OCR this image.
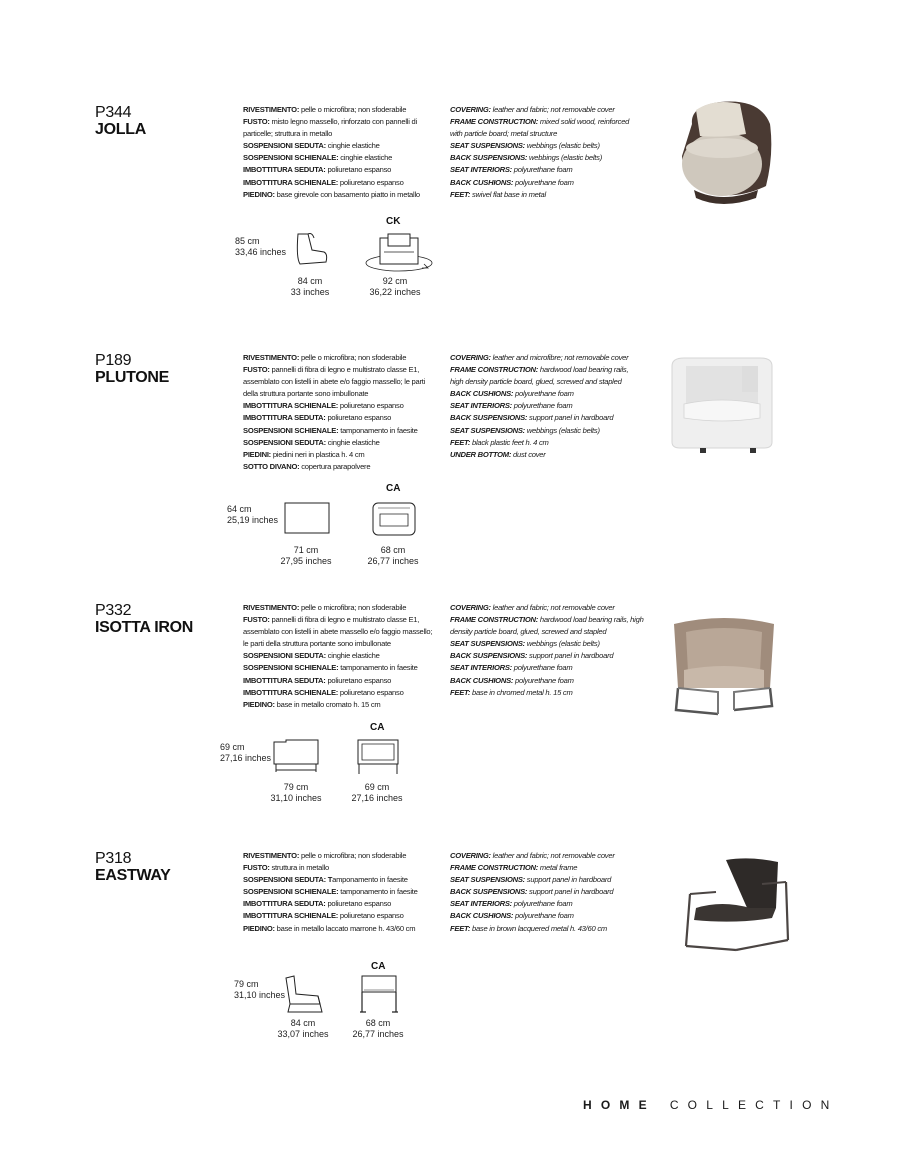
P344
JOLLA
RIVESTIMENTO: pelle o microfibra; non sfoderabile
FUSTO: misto legno massello, rinforzato con pannelli di
particelle; struttura in metallo
SOSPENSIONI SEDUTA: cinghie elastiche
SOSPENSIONI SCHIENALE: cinghie elastiche
IMBOTTITURA SEDUTA: poliuretano espanso
IMBOTTITURA SCHIENALE: poliuretano espanso
PIEDINO: base girevole con basamento piatto in metallo
COVERING: leather and fabric; not removable cover
FRAME CONSTRUCTION: mixed solid wood, reinforced
with particle board; metal structure
SEAT SUSPENSIONS: webbings (elastic belts)
BACK SUSPENSIONS: webbings (elastic belts)
SEAT INTERIORS: polyurethane foam
BACK CUSHIONS: polyurethane foam
FEET: swivel flat base in metal
85 cm
33,46 inches
CK
84 cm
33 inches
92 cm
36,22 inches
P189
PLUTONE
RIVESTIMENTO: pelle o microfibra; non sfoderabile
FUSTO: pannelli di fibra di legno e multistrato classe E1,
assemblato con listelli in abete e/o faggio massello; le parti
della struttura portante sono imbullonate
IMBOTTITURA SCHIENALE: poliuretano espanso
IMBOTTITURA SEDUTA: poliuretano espanso
SOSPENSIONI SCHIENALE: tamponamento in faesite
SOSPENSIONI SEDUTA: cinghie elastiche
PIEDINI: piedini neri in plastica h. 4 cm
SOTTO DIVANO: copertura parapolvere
COVERING: leather and microfibre; not removable cover
FRAME CONSTRUCTION: hardwood load bearing rails,
high density particle board, glued, screwed and stapled
BACK CUSHIONS: polyurethane foam
SEAT INTERIORS: polyurethane foam
BACK SUSPENSIONS: support panel in hardboard
SEAT SUSPENSIONS: webbings (elastic belts)
FEET: black plastic feet h. 4 cm
UNDER BOTTOM: dust cover
64 cm
25,19 inches
CA
71 cm
27,95 inches
68 cm
26,77 inches
P332
ISOTTA IRON
RIVESTIMENTO: pelle o microfibra; non sfoderabile
FUSTO: pannelli di fibra di legno e multistrato classe E1,
assemblato con listelli in abete massello e/o faggio massello;
le parti della struttura portante sono imbullonate
SOSPENSIONI SEDUTA: cinghie elastiche
SOSPENSIONI SCHIENALE: tamponamento in faesite
IMBOTTITURA SEDUTA: poliuretano espanso
IMBOTTITURA SCHIENALE: poliuretano espanso
PIEDINO: base in metallo cromato h. 15 cm
COVERING: leather and fabric; not removable cover
FRAME CONSTRUCTION: hardwood load bearing rails, high
density particle board, glued, screwed and stapled
SEAT SUSPENSIONS: webbings (elastic belts)
BACK SUSPENSIONS: support panel in hardboard
SEAT INTERIORS: polyurethane foam
BACK CUSHIONS: polyurethane foam
FEET: base in chromed metal h. 15 cm
69 cm
27,16 inches
CA
79 cm
31,10 inches
69 cm
27,16 inches
P318
EASTWAY
RIVESTIMENTO: pelle o microfibra; non sfoderabile
FUSTO: struttura in metallo
SOSPENSIONI SEDUTA: Tamponamento in faesite
SOSPENSIONI SCHIENALE: tamponamento in faesite
IMBOTTITURA SEDUTA: poliuretano espanso
IMBOTTITURA SCHIENALE: poliuretano espanso
PIEDINO: base in metallo laccato marrone h. 43/60 cm
COVERING: leather and fabric; not removable cover
FRAME CONSTRUCTION: metal frame
SEAT SUSPENSIONS: support panel in hardboard
BACK SUSPENSIONS: support panel in hardboard
SEAT INTERIORS: polyurethane foam
BACK CUSHIONS: polyurethane foam
FEET: base in brown lacquered metal h. 43/60 cm
79 cm
31,10 inches
CA
84 cm
33,07 inches
68 cm
26,77 inches
HOME COLLECTION
